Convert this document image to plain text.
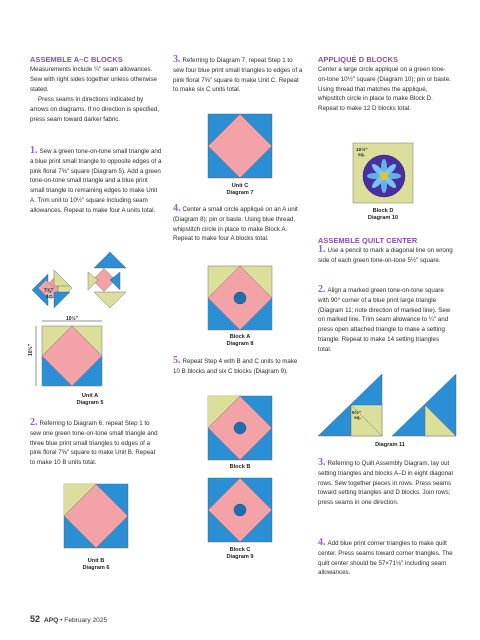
ASSEMBLE A–C BLOCKS
Measurements include ¼" seam allowances. Sew with right sides together unless otherwise stated.
Press seams in directions indicated by arrows on diagrams. If no direction is specified, press seam toward darker fabric.
1. Sew a green tone-on-tone small triangle and a blue print small triangle to opposite edges of a pink floral 7⅝" square (Diagram 5). Add a green tone-on-tone small triangle and a blue print small triangle to remaining edges to make Unit A. Trim unit to 10½" square including seam allowances. Repeat to make four A units total.
7⅝"
sq.
10½"
10½"
Unit A
Diagram 5
2. Referring to Diagram 6, repeat Step 1 to sew one green tone-on-tone small triangle and three blue print small triangles to edges of a pink floral 7⅝" square to make Unit B. Repeat to make 10 B units total.
Unit B
Diagram 6
3. Referring to Diagram 7, repeat Step 1 to sew four blue print small triangles to edges of a pink floral 7⅝" square to make Unit C. Repeat to make six C units total.
Unit C
Diagram 7
4. Center a small circle appliqué on an A unit (Diagram 8); pin or baste. Using blue thread, whipstitch circle in place to make Block A. Repeat to make four A blocks total.
Block A
Diagram 8
5. Repeat Step 4 with B and C units to make 10 B blocks and six C blocks (Diagram 9).
Block B
Block C
Diagram 9
APPLIQUÉ D BLOCKS
Center a large circle appliqué on a green tone-on-tone 10½" square (Diagram 10); pin or baste. Using thread that matches the appliqué, whipstitch circle in place to make Block D. Repeat to make 12 D blocks total.
10½"
sq.
Block D
Diagram 10
ASSEMBLE QUILT CENTER
1. Use a pencil to mark a diagonal line on wrong side of each green tone-on-tone 5½" square.
2. Align a marked green tone-on-tone square with 90° corner of a blue print large triangle (Diagram 11; note direction of marked line). Sew on marked line. Trim seam allowance to ¼" and press open attached triangle to make a setting triangle. Repeat to make 14 setting triangles total.
5½"
sq.
Diagram 11
3. Referring to Quilt Assembly Diagram, lay out setting triangles and blocks A–D in eight diagonal rows. Sew together pieces in rows. Press seams toward setting triangles and D blocks. Join rows; press seams in one direction.
4. Add blue print corner triangles to make quilt center. Press seams toward corner triangles. The quilt center should be 57×71⅛" including seam allowances.
52 APQ • February 2025
